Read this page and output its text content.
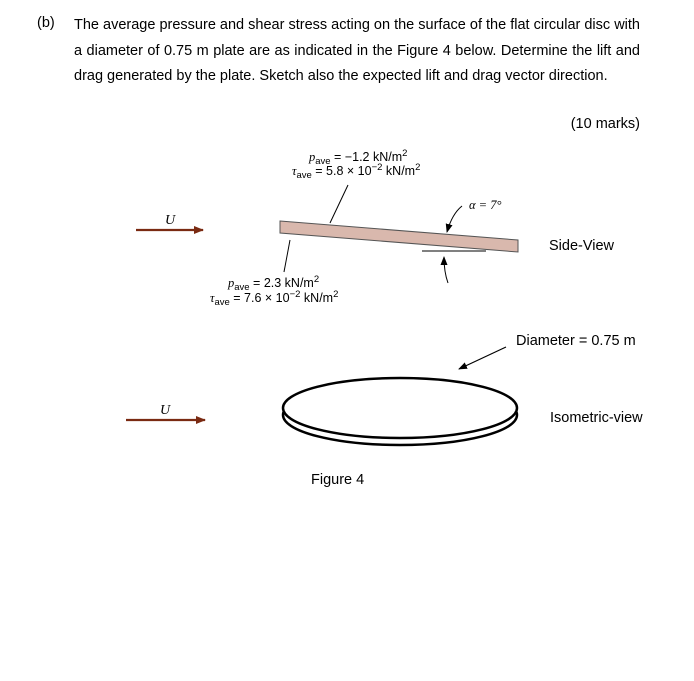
(b) The average pressure and shear stress acting on the surface of the flat circular disc with a diameter of 0.75 m plate are as indicated in the Figure 4 below. Determine the lift and drag generated by the plate. Sketch also the expected lift and drag vector direction.
(10 marks)
U
α = 7°
$p_{ave} = -1.2$ $kN/m^2$
$\tau_{ave} = 5.8 \times 10^{-2}$ $kN/m^2$
$p_{ave} = 2.3$ $kN/m^2$
$\tau_{ave} = 7.6 \times 10^{-2}$ $kN/m^2$
U
Side-View
Diameter = 0.75 m
Isometric-view
Figure 4
